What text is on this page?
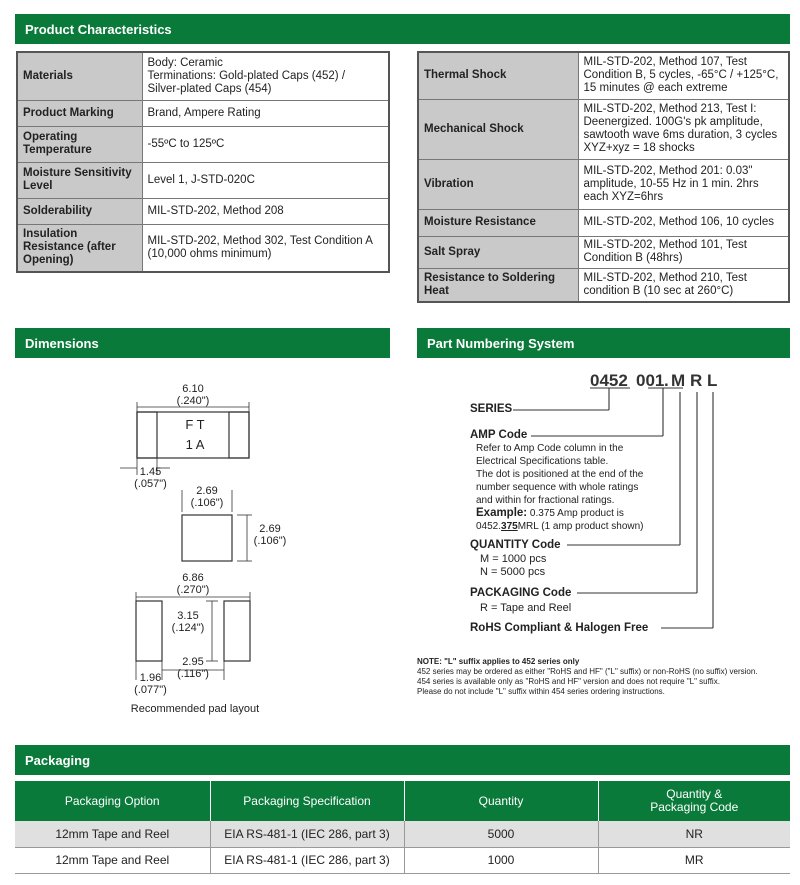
Product Characteristics
Materials	Body: Ceramic
Terminations: Gold-plated Caps (452) /
Silver-plated Caps (454)
Product Marking	Brand, Ampere Rating
Operating Temperature	-55ºC to 125ºC
Moisture Sensitivity Level	Level 1, J-STD-020C
Solderability	MIL-STD-202, Method 208
Insulation Resistance (after Opening)	MIL-STD-202, Method 302, Test Condition A (10,000 ohms minimum)
Thermal Shock	MIL-STD-202, Method 107, Test Condition B, 5 cycles, -65°C / +125°C, 15 minutes @ each extreme
Mechanical Shock	MIL-STD-202, Method 213, Test I: Deenergized. 100G's pk amplitude, sawtooth wave 6ms duration, 3 cycles XYZ+xyz = 18 shocks
Vibration	MIL-STD-202, Method 201: 0.03" amplitude, 10-55 Hz in 1 min. 2hrs each XYZ=6hrs
Moisture Resistance	MIL-STD-202, Method 106, 10 cycles
Salt Spray	MIL-STD-202, Method 101, Test Condition B (48hrs)
Resistance to Soldering Heat	MIL-STD-202, Method 210, Test condition B (10 sec at 260°C)
Dimensions
6.10
(.240")
F T
1 A
1.45
(.057")
2.69
(.106")
2.69
(.106")
6.86
(.270")
3.15
(.124")
1.96
(.077")
2.95
(.116")
Recommended pad layout
Part Numbering System
0452 001 . M R L
SERIES
AMP Code
Refer to Amp Code column in the
Electrical Specifications table.
The dot is positioned at the end of the
number sequence with whole ratings
and within for fractional ratings.
Example: 0.375 Amp product is
0452.375MRL (1 amp product shown)
QUANTITY Code
M = 1000 pcs
N = 5000 pcs
PACKAGING Code
R = Tape and Reel
RoHS Compliant & Halogen Free
NOTE: "L" suffix applies to 452 series only
452 series may be ordered as either "RoHS and HF" ("L" suffix) or non-RoHS (no suffix) version.
454 series is available only as "RoHS and HF" version and does not require "L" suffix.
Please do not include "L" suffix within 454 series ordering instructions.
Packaging
Packaging Option	Packaging Specification	Quantity	Quantity &
Packaging Code
12mm Tape and Reel	EIA RS-481-1 (IEC 286, part 3)	5000	NR
12mm Tape and Reel	EIA RS-481-1 (IEC 286, part 3)	1000	MR
